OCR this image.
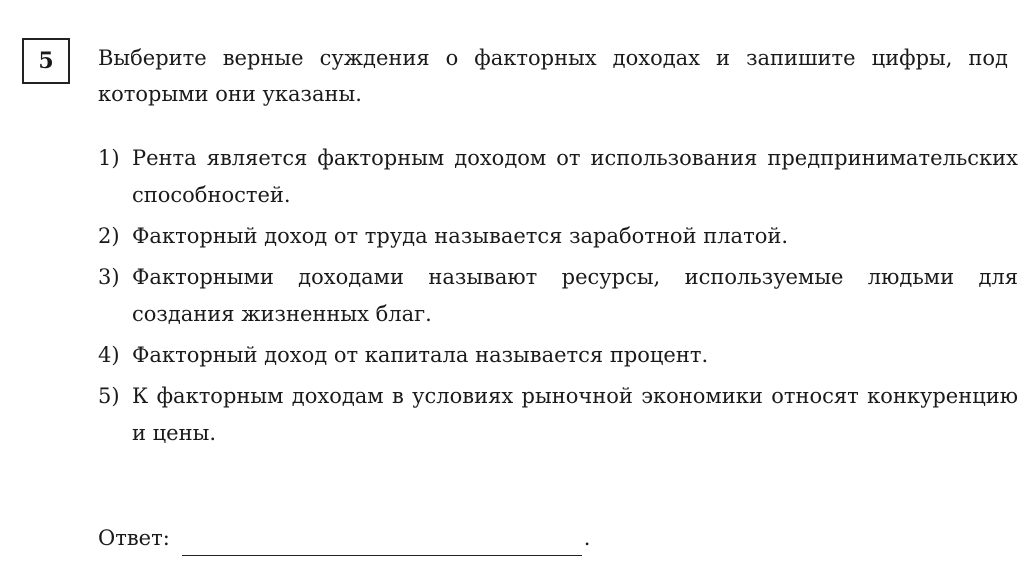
5 Выберите верные суждения о факторных доходах и запишите цифры, под которыми они указаны.
1) Рента является факторным доходом от использования предпринимательских способностей.
2) Факторный доход от труда называется заработной платой.
3) Факторными доходами называют ресурсы, используемые людьми для создания жизненных благ.
4) Факторный доход от капитала называется процент.
5) К факторным доходам в условиях рыночной экономики относят конкуренцию и цены.
Ответ:	.
